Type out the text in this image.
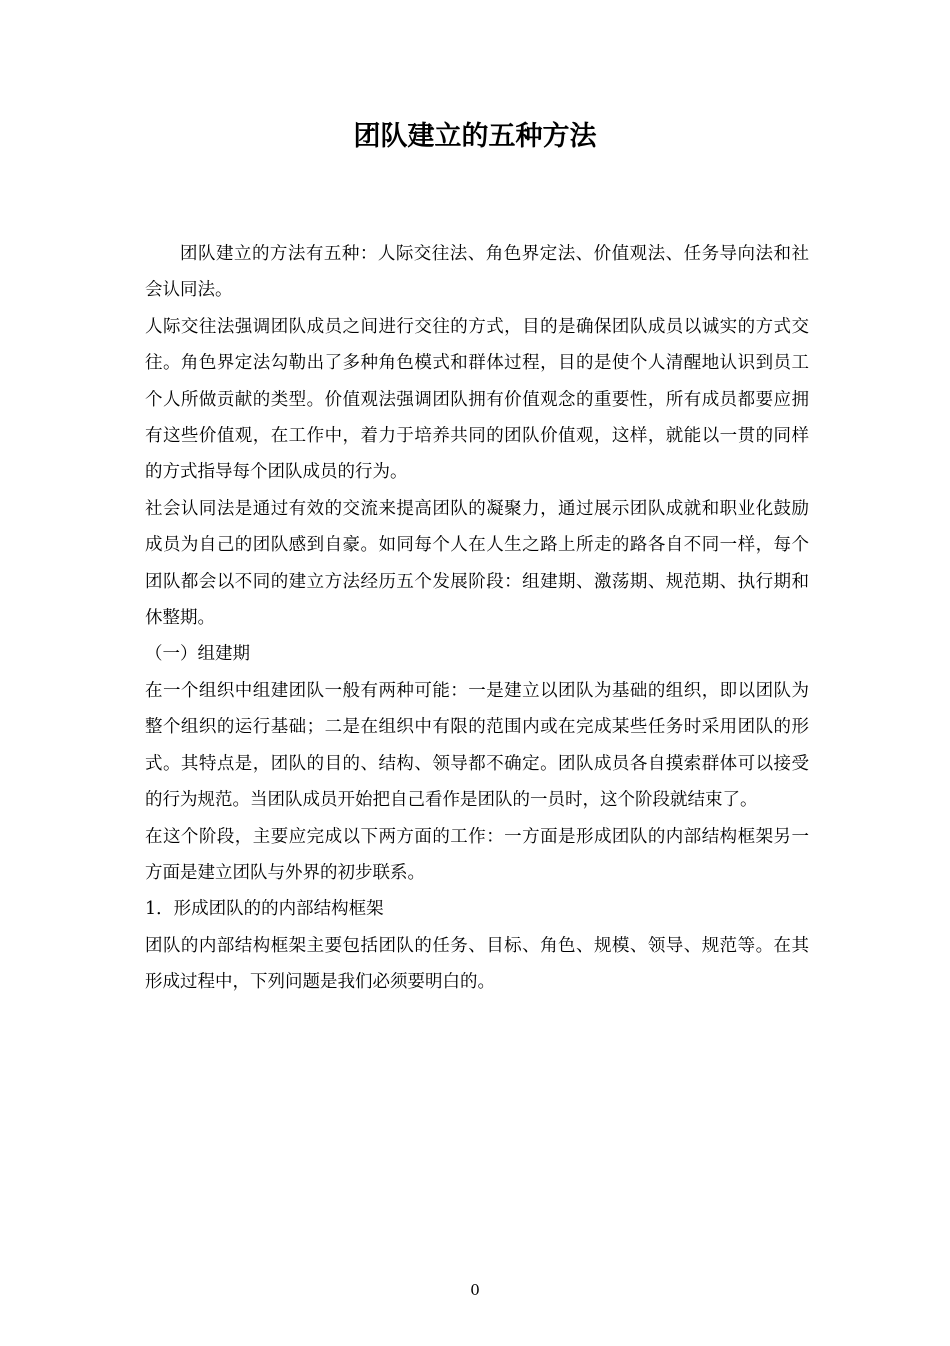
团队建立的五种方法

团队建立的方法有五种：人际交往法、角色界定法、价值观法、任务导向法和社会认同法。

人际交往法强调团队成员之间进行交往的方式，目的是确保团队成员以诚实的方式交往。角色界定法勾勒出了多种角色模式和群体过程，目的是使个人清醒地认识到员工个人所做贡献的类型。价值观法强调团队拥有价值观念的重要性，所有成员都要应拥有这些价值观，在工作中，着力于培养共同的团队价值观，这样，就能以一贯的同样的方式指导每个团队成员的行为。

社会认同法是通过有效的交流来提高团队的凝聚力，通过展示团队成就和职业化鼓励成员为自己的团队感到自豪。如同每个人在人生之路上所走的路各自不同一样，每个团队都会以不同的建立方法经历五个发展阶段：组建期、激荡期、规范期、执行期和休整期。

（一）组建期

在一个组织中组建团队一般有两种可能：一是建立以团队为基础的组织，即以团队为整个组织的运行基础；二是在组织中有限的范围内或在完成某些任务时采用团队的形式。其特点是，团队的目的、结构、领导都不确定。团队成员各自摸索群体可以接受的行为规范。当团队成员开始把自己看作是团队的一员时，这个阶段就结束了。

在这个阶段，主要应完成以下两方面的工作：一方面是形成团队的内部结构框架另一方面是建立团队与外界的初步联系。

1．形成团队的的内部结构框架

团队的内部结构框架主要包括团队的任务、目标、角色、规模、领导、规范等。在其形成过程中，下列问题是我们必须要明白的。

0
